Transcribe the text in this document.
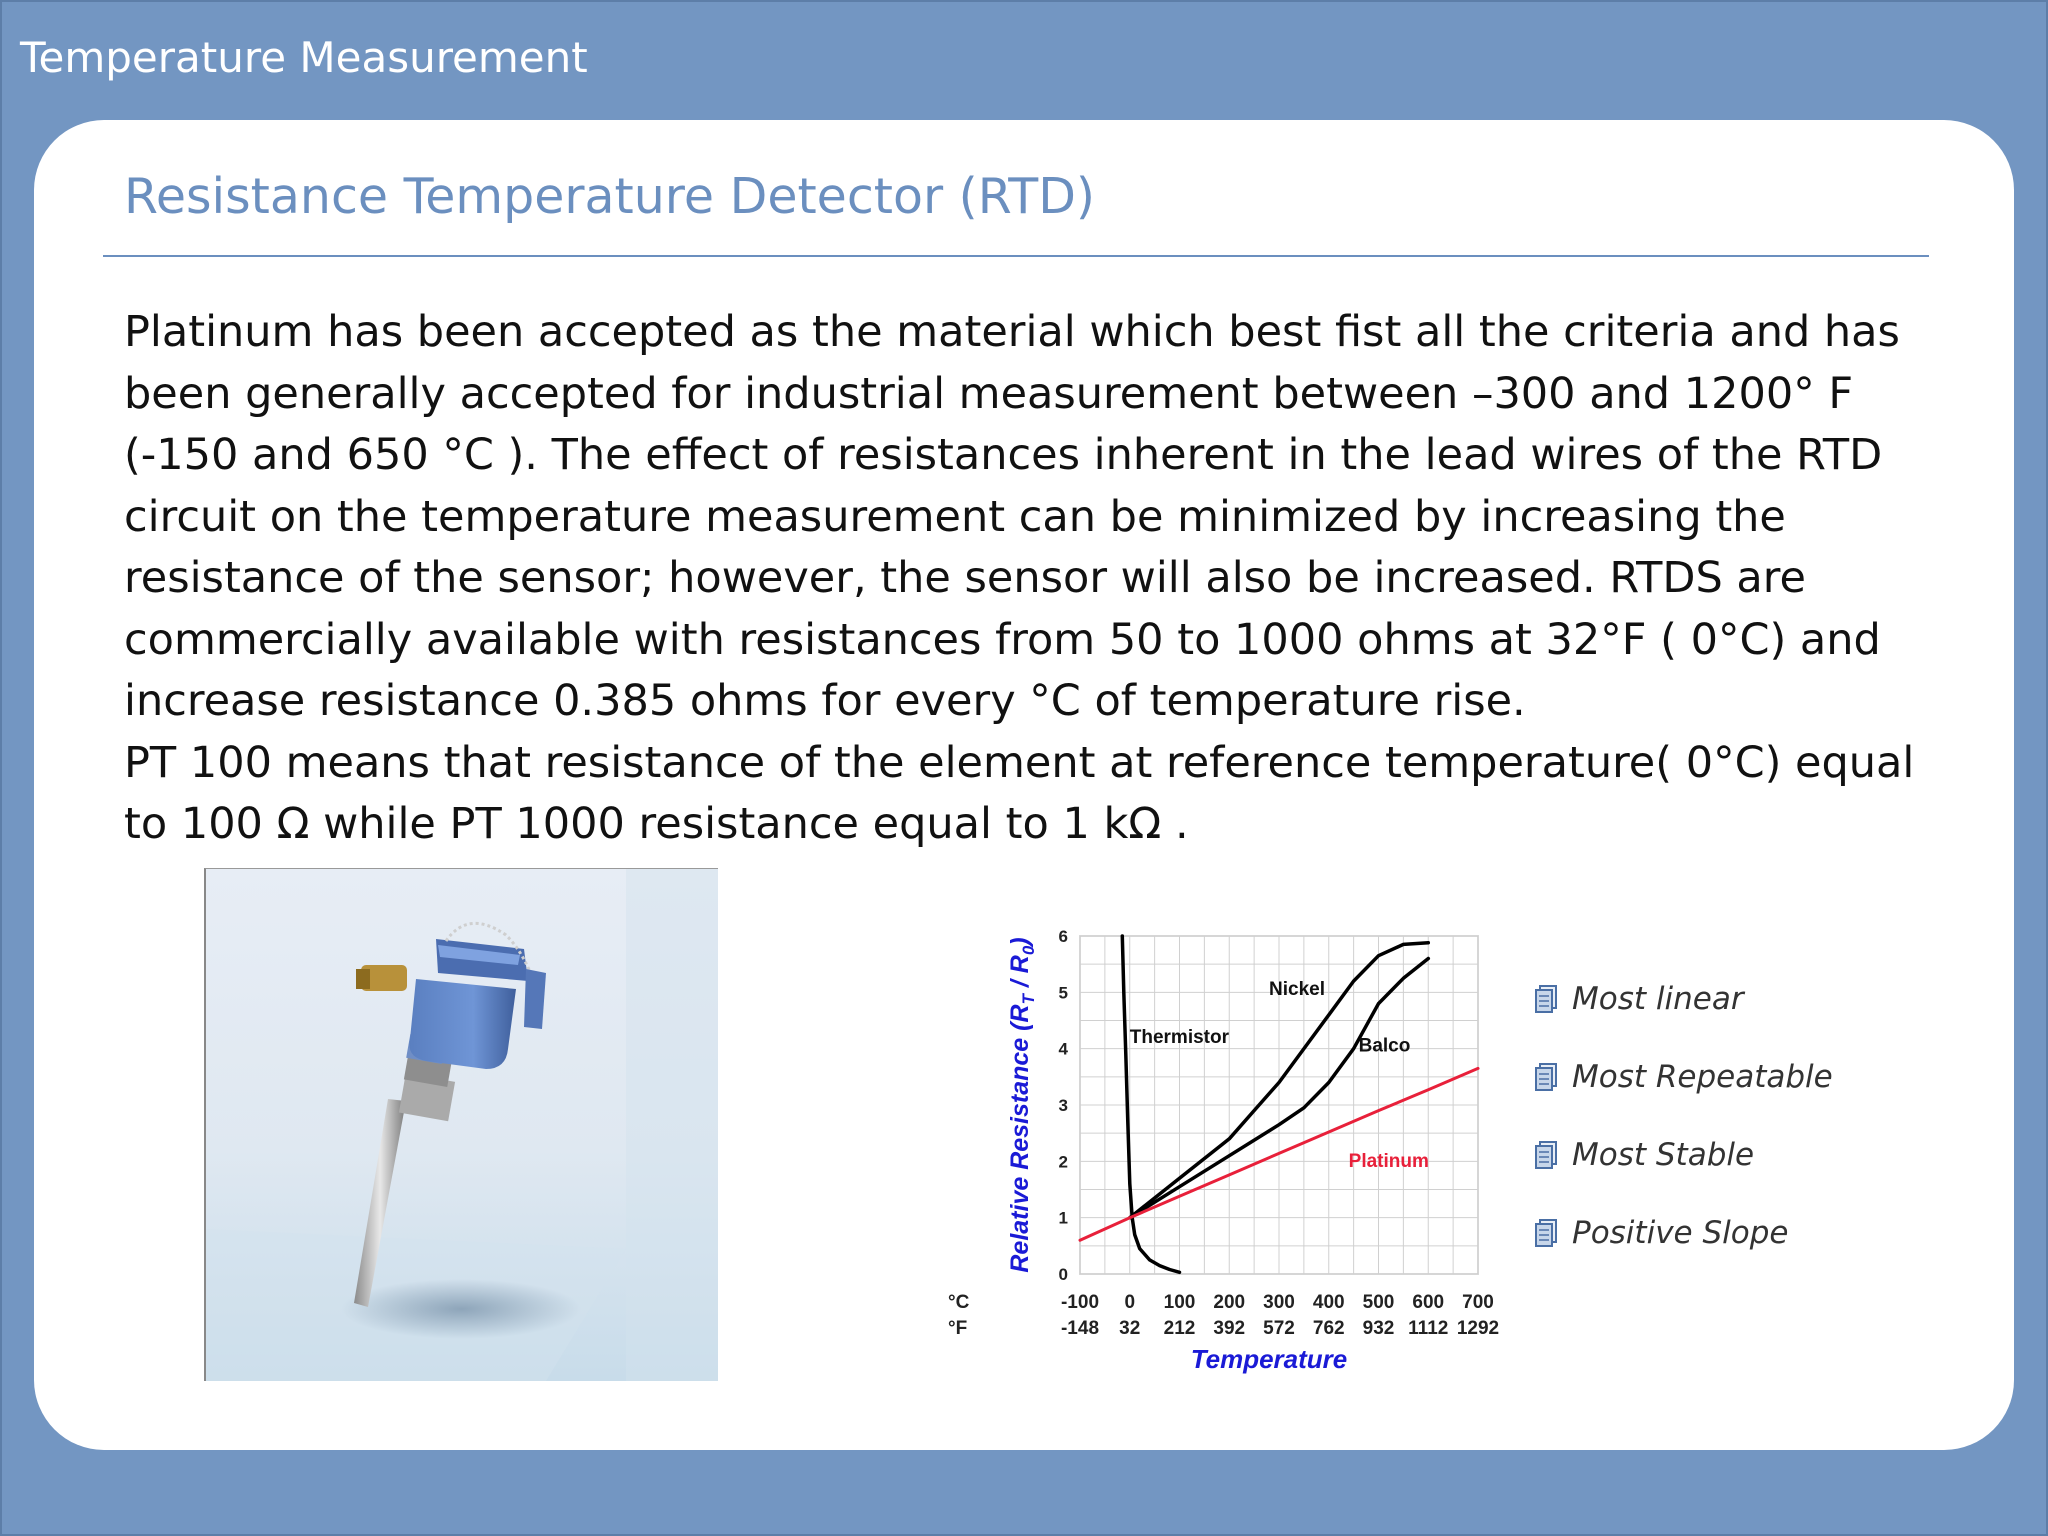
Temperature Measurement
Resistance Temperature Detector (RTD)

Platinum has been accepted as the material which best fist all the criteria and has been generally accepted for industrial measurement between –300 and 1200° F (-150 and 650 °C ). The effect of resistances inherent in the lead wires of the RTD circuit on the temperature measurement can be minimized by increasing the resistance of the sensor; however, the sensor will also be increased. RTDS are commercially available with resistances from 50 to 1000 ohms at 32°F ( 0°C) and increase resistance 0.385 ohms for every °C of temperature rise.

PT 100 means that resistance of the element at reference temperature( 0°C) equal to 100 Ω while PT 1000 resistance equal to 1 kΩ .

0
1
2
3
4
5
6
-100 0 100 200 300 400 500 600 700
-148 32 212 392 572 762 932 1112 1292
°C
°F
Temperature
Relative Resistance $(R_T / R_0)$
Thermistor
Nickel
Balco
Platinum
Most linear
Most Repeatable
Most Stable
Positive Slope
